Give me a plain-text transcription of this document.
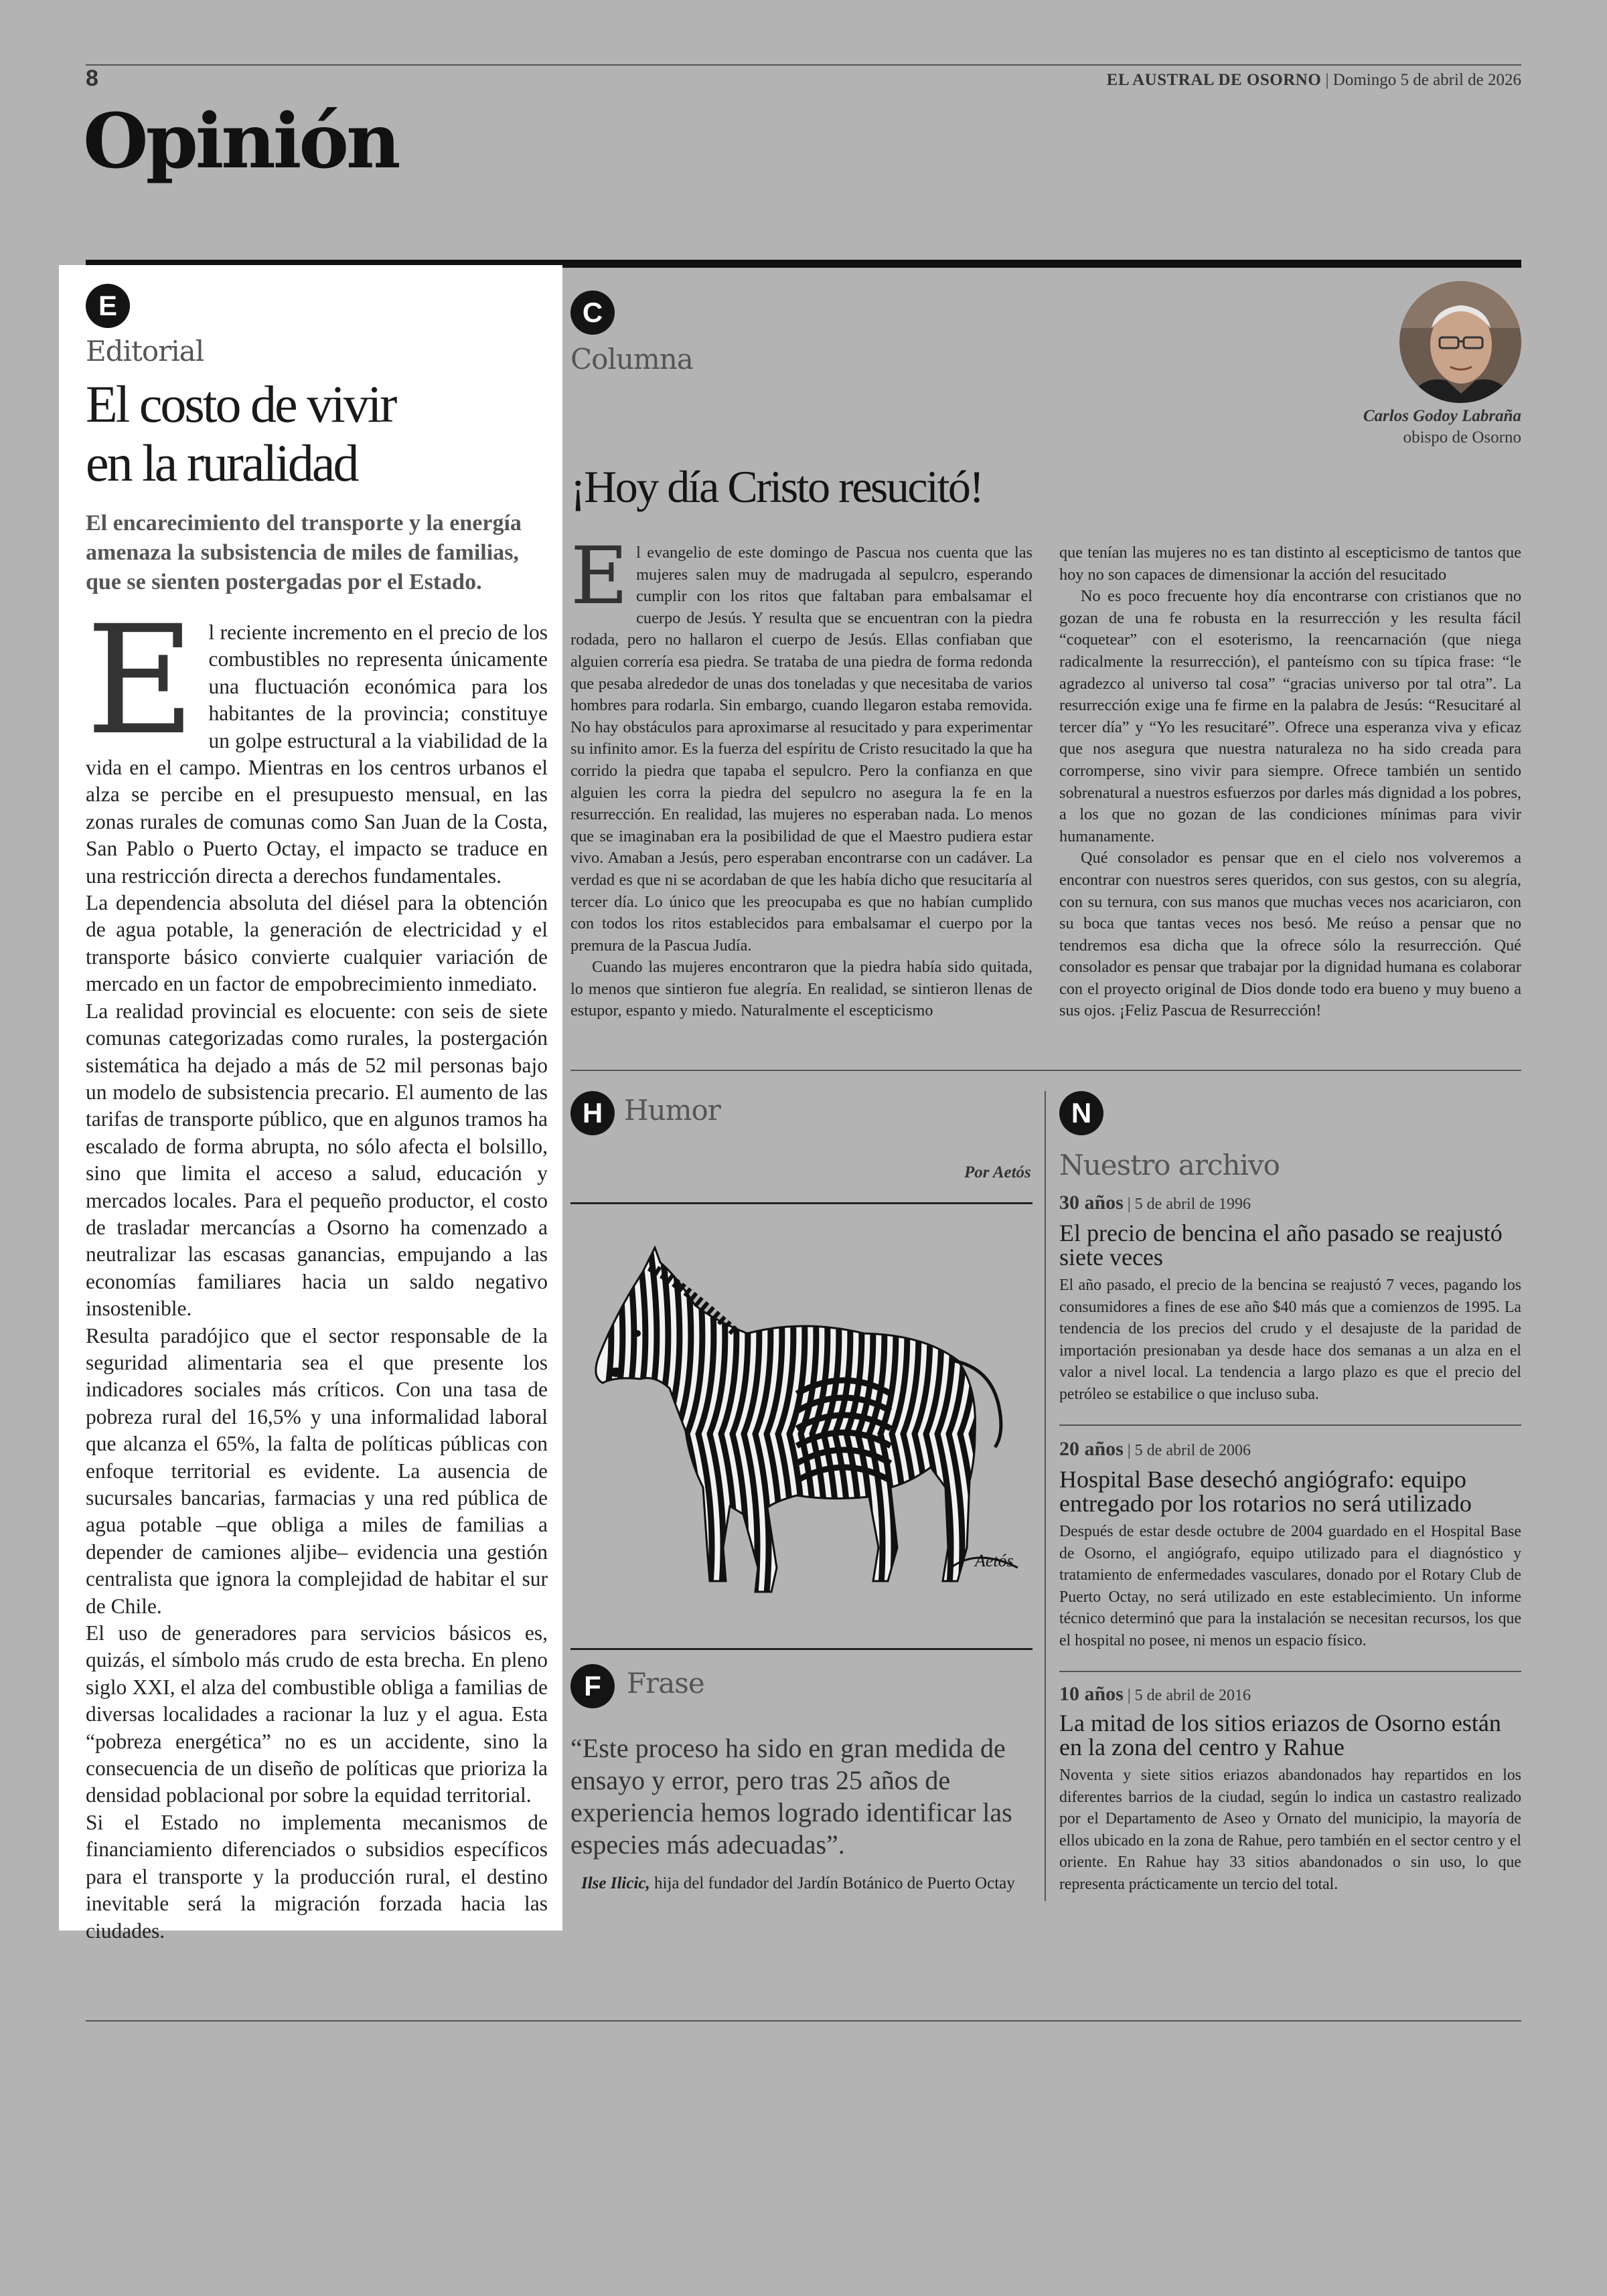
8	EL AUSTRAL DE OSORNO | Domingo 5 de abril de 2026
Opinión
E
Editorial
El costo de vivir
en la ruralidad
El encarecimiento del transporte y la energía amenaza la subsistencia de miles de familias, que se sienten postergadas por el Estado.

El reciente incremento en el precio de los combustibles no representa únicamente una fluctuación económica para los habitantes de la provincia; constituye un golpe estructural a la viabilidad de la vida en el campo. Mientras en los centros urbanos el alza se percibe en el presupuesto mensual, en las zonas rurales de comunas como San Juan de la Costa, San Pablo o Puerto Octay, el impacto se traduce en una restricción directa a derechos fundamentales.

La dependencia absoluta del diésel para la obtención de agua potable, la generación de electricidad y el transporte básico convierte cualquier variación de mercado en un factor de empobrecimiento inmediato.

La realidad provincial es elocuente: con seis de siete comunas categorizadas como rurales, la postergación sistemática ha dejado a más de 52 mil personas bajo un modelo de subsistencia precario. El aumento de las tarifas de transporte público, que en algunos tramos ha escalado de forma abrupta, no sólo afecta el bolsillo, sino que limita el acceso a salud, educación y mercados locales. Para el pequeño productor, el costo de trasladar mercancías a Osorno ha comenzado a neutralizar las escasas ganancias, empujando a las economías familiares hacia un saldo negativo insostenible.

Resulta paradójico que el sector responsable de la seguridad alimentaria sea el que presente los indicadores sociales más críticos. Con una tasa de pobreza rural del 16,5% y una informalidad laboral que alcanza el 65%, la falta de políticas públicas con enfoque territorial es evidente. La ausencia de sucursales bancarias, farmacias y una red pública de agua potable –que obliga a miles de familias a depender de camiones aljibe– evidencia una gestión centralista que ignora la complejidad de habitar el sur de Chile.

El uso de generadores para servicios básicos es, quizás, el símbolo más crudo de esta brecha. En pleno siglo XXI, el alza del combustible obliga a familias de diversas localidades a racionar la luz y el agua. Esta “pobreza energética” no es un accidente, sino la consecuencia de un diseño de políticas que prioriza la densidad poblacional por sobre la equidad territorial.

Si el Estado no implementa mecanismos de financiamiento diferenciados o subsidios específicos para el transporte y la producción rural, el destino inevitable será la migración forzada hacia las ciudades.

C
Columna
Carlos Godoy Labraña
obispo de Osorno
¡Hoy día Cristo resucitó!

El evangelio de este domingo de Pascua nos cuenta que las mujeres salen muy de madrugada al sepulcro, esperando cumplir con los ritos que faltaban para embalsamar el cuerpo de Jesús. Y resulta que se encuentran con la piedra rodada, pero no hallaron el cuerpo de Jesús. Ellas confiaban que alguien correría esa piedra. Se trataba de una piedra de forma redonda que pesaba alrededor de unas dos toneladas y que necesitaba de varios hombres para rodarla. Sin embargo, cuando llegaron estaba removida. No hay obstáculos para aproximarse al resucitado y para experimentar su infinito amor. Es la fuerza del espíritu de Cristo resucitado la que ha corrido la piedra que tapaba el sepulcro. Pero la confianza en que alguien les corra la piedra del sepulcro no asegura la fe en la resurrección. En realidad, las mujeres no esperaban nada. Lo menos que se imaginaban era la posibilidad de que el Maestro pudiera estar vivo. Amaban a Jesús, pero esperaban encontrarse con un cadáver. La verdad es que ni se acordaban de que les había dicho que resucitaría al tercer día. Lo único que les preocupaba es que no habían cumplido con todos los ritos establecidos para embalsamar el cuerpo por la premura de la Pascua Judía.

Cuando las mujeres encontraron que la piedra había sido quitada, lo menos que sintieron fue alegría. En realidad, se sintieron llenas de estupor, espanto y miedo. Naturalmente el escepticismo

que tenían las mujeres no es tan distinto al escepticismo de tantos que hoy no son capaces de dimensionar la acción del resucitado

No es poco frecuente hoy día encontrarse con cristianos que no gozan de una fe robusta en la resurrección y les resulta fácil “coquetear” con el esoterismo, la reencarnación (que niega radicalmente la resurrección), el panteísmo con su típica frase: “le agradezco al universo tal cosa” “gracias universo por tal otra”. La resurrección exige una fe firme en la palabra de Jesús: “Resucitaré al tercer día” y “Yo les resucitaré”. Ofrece una esperanza viva y eficaz que nos asegura que nuestra naturaleza no ha sido creada para corromperse, sino vivir para siempre. Ofrece también un sentido sobrenatural a nuestros esfuerzos por darles más dignidad a los pobres, a los que no gozan de las condiciones mínimas para vivir humanamente.

Qué consolador es pensar que en el cielo nos volveremos a encontrar con nuestros seres queridos, con sus gestos, con su alegría, con su ternura, con sus manos que muchas veces nos acariciaron, con su boca que tantas veces nos besó. Me reúso a pensar que no tendremos esa dicha que la ofrece sólo la resurrección. Qué consolador es pensar que trabajar por la dignidad humana es colaborar con el proyecto original de Dios donde todo era bueno y muy bueno a sus ojos. ¡Feliz Pascua de Resurrección!

H Humor
Por Aetós
Aetós
F Frase
“Este proceso ha sido en gran medida de ensayo y error, pero tras 25 años de experiencia hemos logrado identificar las especies más adecuadas”.
Ilse Ilicic, hija del fundador del Jardín Botánico de Puerto Octay
N
Nuestro archivo
30 años | 5 de abril de 1996
El precio de bencina el año pasado se reajustó siete veces
El año pasado, el precio de la bencina se reajustó 7 veces, pagando los consumidores a fines de ese año $40 más que a comienzos de 1995. La tendencia de los precios del crudo y el desajuste de la paridad de importación presionaban ya desde hace dos semanas a un alza en el valor a nivel local. La tendencia a largo plazo es que el precio del petróleo se estabilice o que incluso suba.
20 años | 5 de abril de 2006
Hospital Base desechó angiógrafo: equipo entregado por los rotarios no será utilizado
Después de estar desde octubre de 2004 guardado en el Hospital Base de Osorno, el angiógrafo, equipo utilizado para el diagnóstico y tratamiento de enfermedades vasculares, donado por el Rotary Club de Puerto Octay, no será utilizado en este establecimiento. Un informe técnico determinó que para la instalación se necesitan recursos, los que el hospital no posee, ni menos un espacio físico.
10 años | 5 de abril de 2016
La mitad de los sitios eriazos de Osorno están en la zona del centro y Rahue
Noventa y siete sitios eriazos abandonados hay repartidos en los diferentes barrios de la ciudad, según lo indica un castastro realizado por el Departamento de Aseo y Ornato del municipio, la mayoría de ellos ubicado en la zona de Rahue, pero también en el sector centro y el oriente. En Rahue hay 33 sitios abandonados o sin uso, lo que representa prácticamente un tercio del total.
